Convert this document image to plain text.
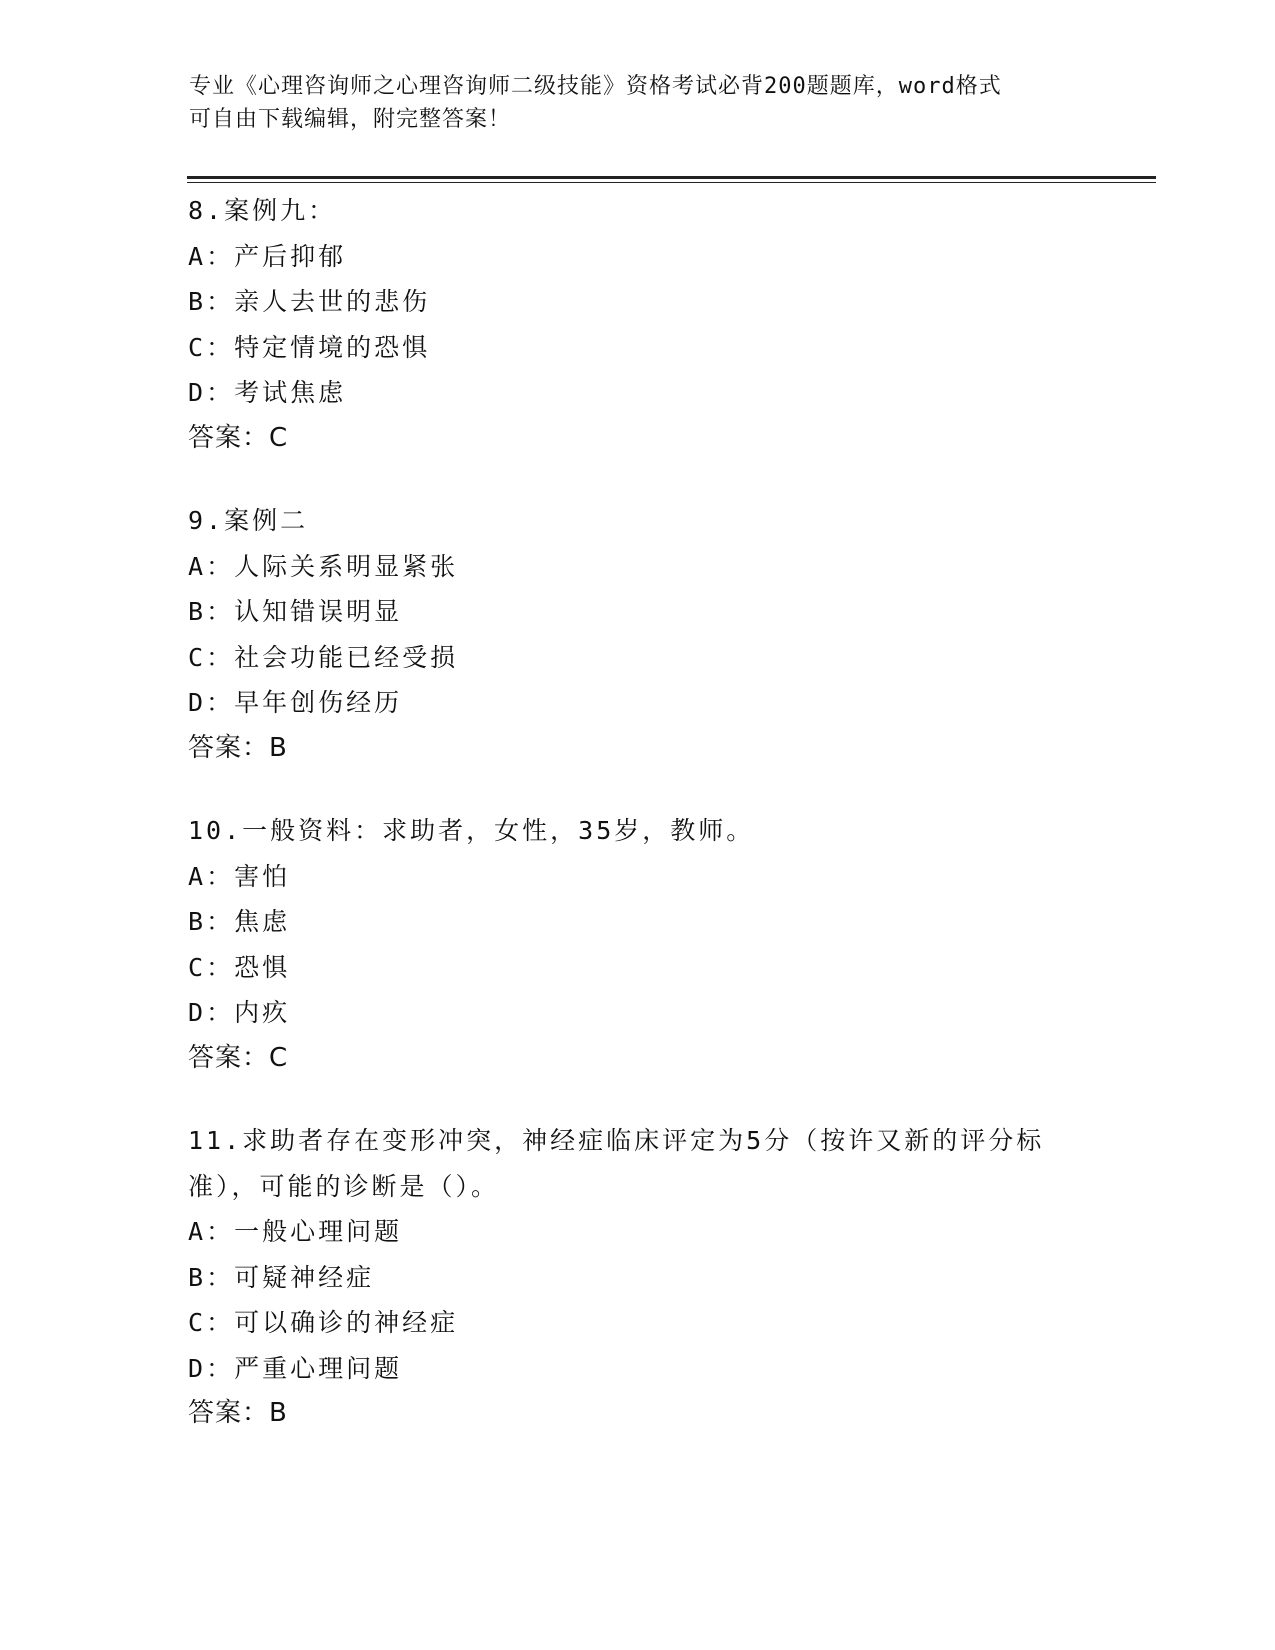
专业《心理咨询师之心理咨询师二级技能》资格考试必背200题题库，word格式
可自由下载编辑，附完整答案！
8.案例九：
A：产后抑郁
B：亲人去世的悲伤
C：特定情境的恐惧
D：考试焦虑
答案：C
9.案例二
A：人际关系明显紧张
B：认知错误明显
C：社会功能已经受损
D：早年创伤经历
答案：B
10.一般资料：求助者，女性，35岁，教师。
A：害怕
B：焦虑
C：恐惧
D：内疚
答案：C
11.求助者存在变形冲突，神经症临床评定为5分（按许又新的评分标准），可能的诊断是（）。
A：一般心理问题
B：可疑神经症
C：可以确诊的神经症
D：严重心理问题
答案：B
